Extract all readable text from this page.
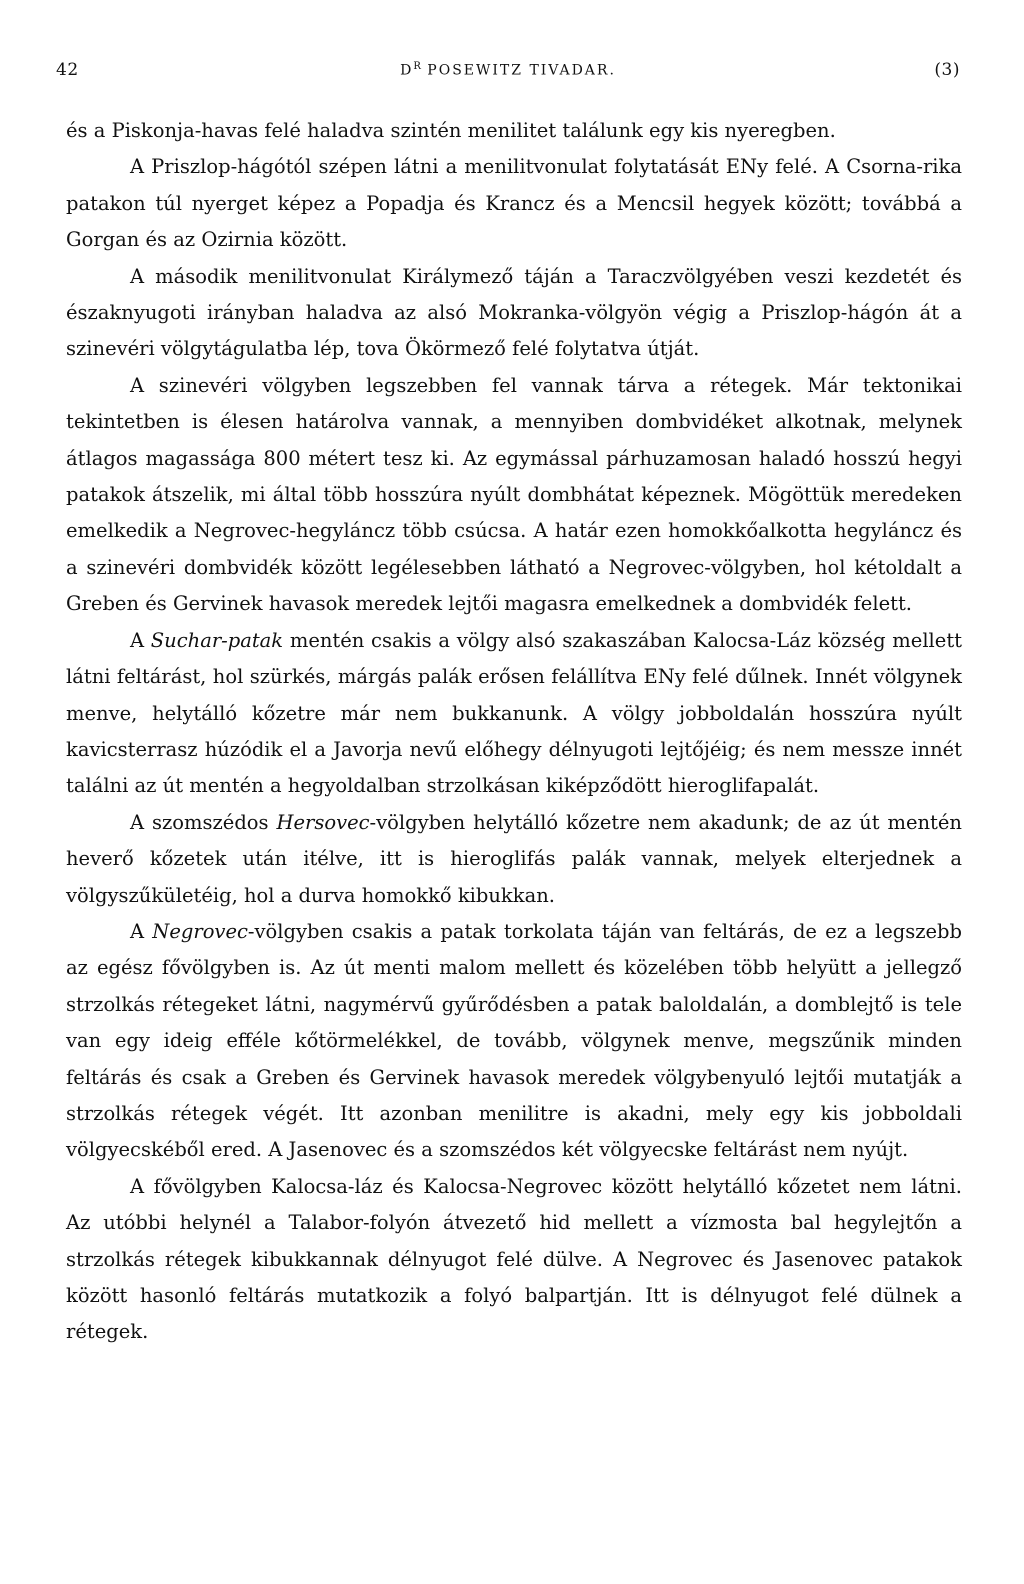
42	$D^R$ POSEWITZ TIVADAR.	(3)

és a Piskonja-havas felé haladva szintén menilitet találunk egy kis nyeregben.

A Priszlop-hágótól szépen látni a menilitvonulat folytatását ENy felé. A Csorna-rika patakon túl nyerget képez a Popadja és Krancz és a Mencsil hegyek között; továbbá a Gorgan és az Ozirnia között.

A második menilitvonulat Királymező táján a Taraczvölgyében veszi kezdetét és északnyugoti irányban haladva az alsó Mokranka-völgyön végig a Priszlop-hágón át a szinevéri völgytágulatba lép, tova Ökörmező felé folytatva útját.

A szinevéri völgyben legszebben fel vannak tárva a rétegek. Már tektonikai tekintetben is élesen határolva vannak, a mennyiben dombvidéket alkotnak, melynek átlagos magassága 800 métert tesz ki. Az egymással párhuzamosan haladó hosszú hegyi patakok átszelik, mi által több hosszúra nyúlt dombhátat képeznek. Mögöttük meredeken emelkedik a Negrovec-hegyláncz több csúcsa. A határ ezen homokkőalkotta hegyláncz és a szinevéri dombvidék között legélesebben látható a Negrovec-völgyben, hol kétoldalt a Greben és Gervinek havasok meredek lejtői magasra emelkednek a dombvidék felett.

A Suchar-patak mentén csakis a völgy alsó szakaszában Kalocsa-Láz község mellett látni feltárást, hol szürkés, márgás palák erősen felállítva ENy felé dűlnek. Innét völgynek menve, helytálló kőzetre már nem bukkanunk. A völgy jobboldalán hosszúra nyúlt kavicsterrasz húzódik el a Javorja nevű előhegy délnyugoti lejtőjéig; és nem messze innét találni az út mentén a hegyoldalban strzolkásan kiképződött hieroglifapalát.

A szomszédos Hersovec-völgyben helytálló kőzetre nem akadunk; de az út mentén heverő kőzetek után itélve, itt is hieroglifás palák vannak, melyek elterjednek a völgyszűkületéig, hol a durva homokkő kibukkan.

A Negrovec-völgyben csakis a patak torkolata táján van feltárás, de ez a legszebb az egész fővölgyben is. Az út menti malom mellett és közelében több helyütt a jellegző strzolkás rétegeket látni, nagymérvű gyűrődésben a patak baloldalán, a domblejtő is tele van egy ideig efféle kőtörmelékkel, de tovább, völgynek menve, megszűnik minden feltárás és csak a Greben és Gervinek havasok meredek völgybenyuló lejtői mutatják a strzolkás rétegek végét. Itt azonban menilitre is akadni, mely egy kis jobboldali völgyecskéből ered. A Jasenovec és a szomszédos két völgyecske feltárást nem nyújt.

A fővölgyben Kalocsa-láz és Kalocsa-Negrovec között helytálló kőzetet nem látni. Az utóbbi helynél a Talabor-folyón átvezető hid mellett a vízmosta bal hegylejtőn a strzolkás rétegek kibukkannak délnyugot felé dülve. A Negrovec és Jasenovec patakok között hasonló feltárás mutatkozik a folyó balpartján. Itt is délnyugot felé dülnek a rétegek.
